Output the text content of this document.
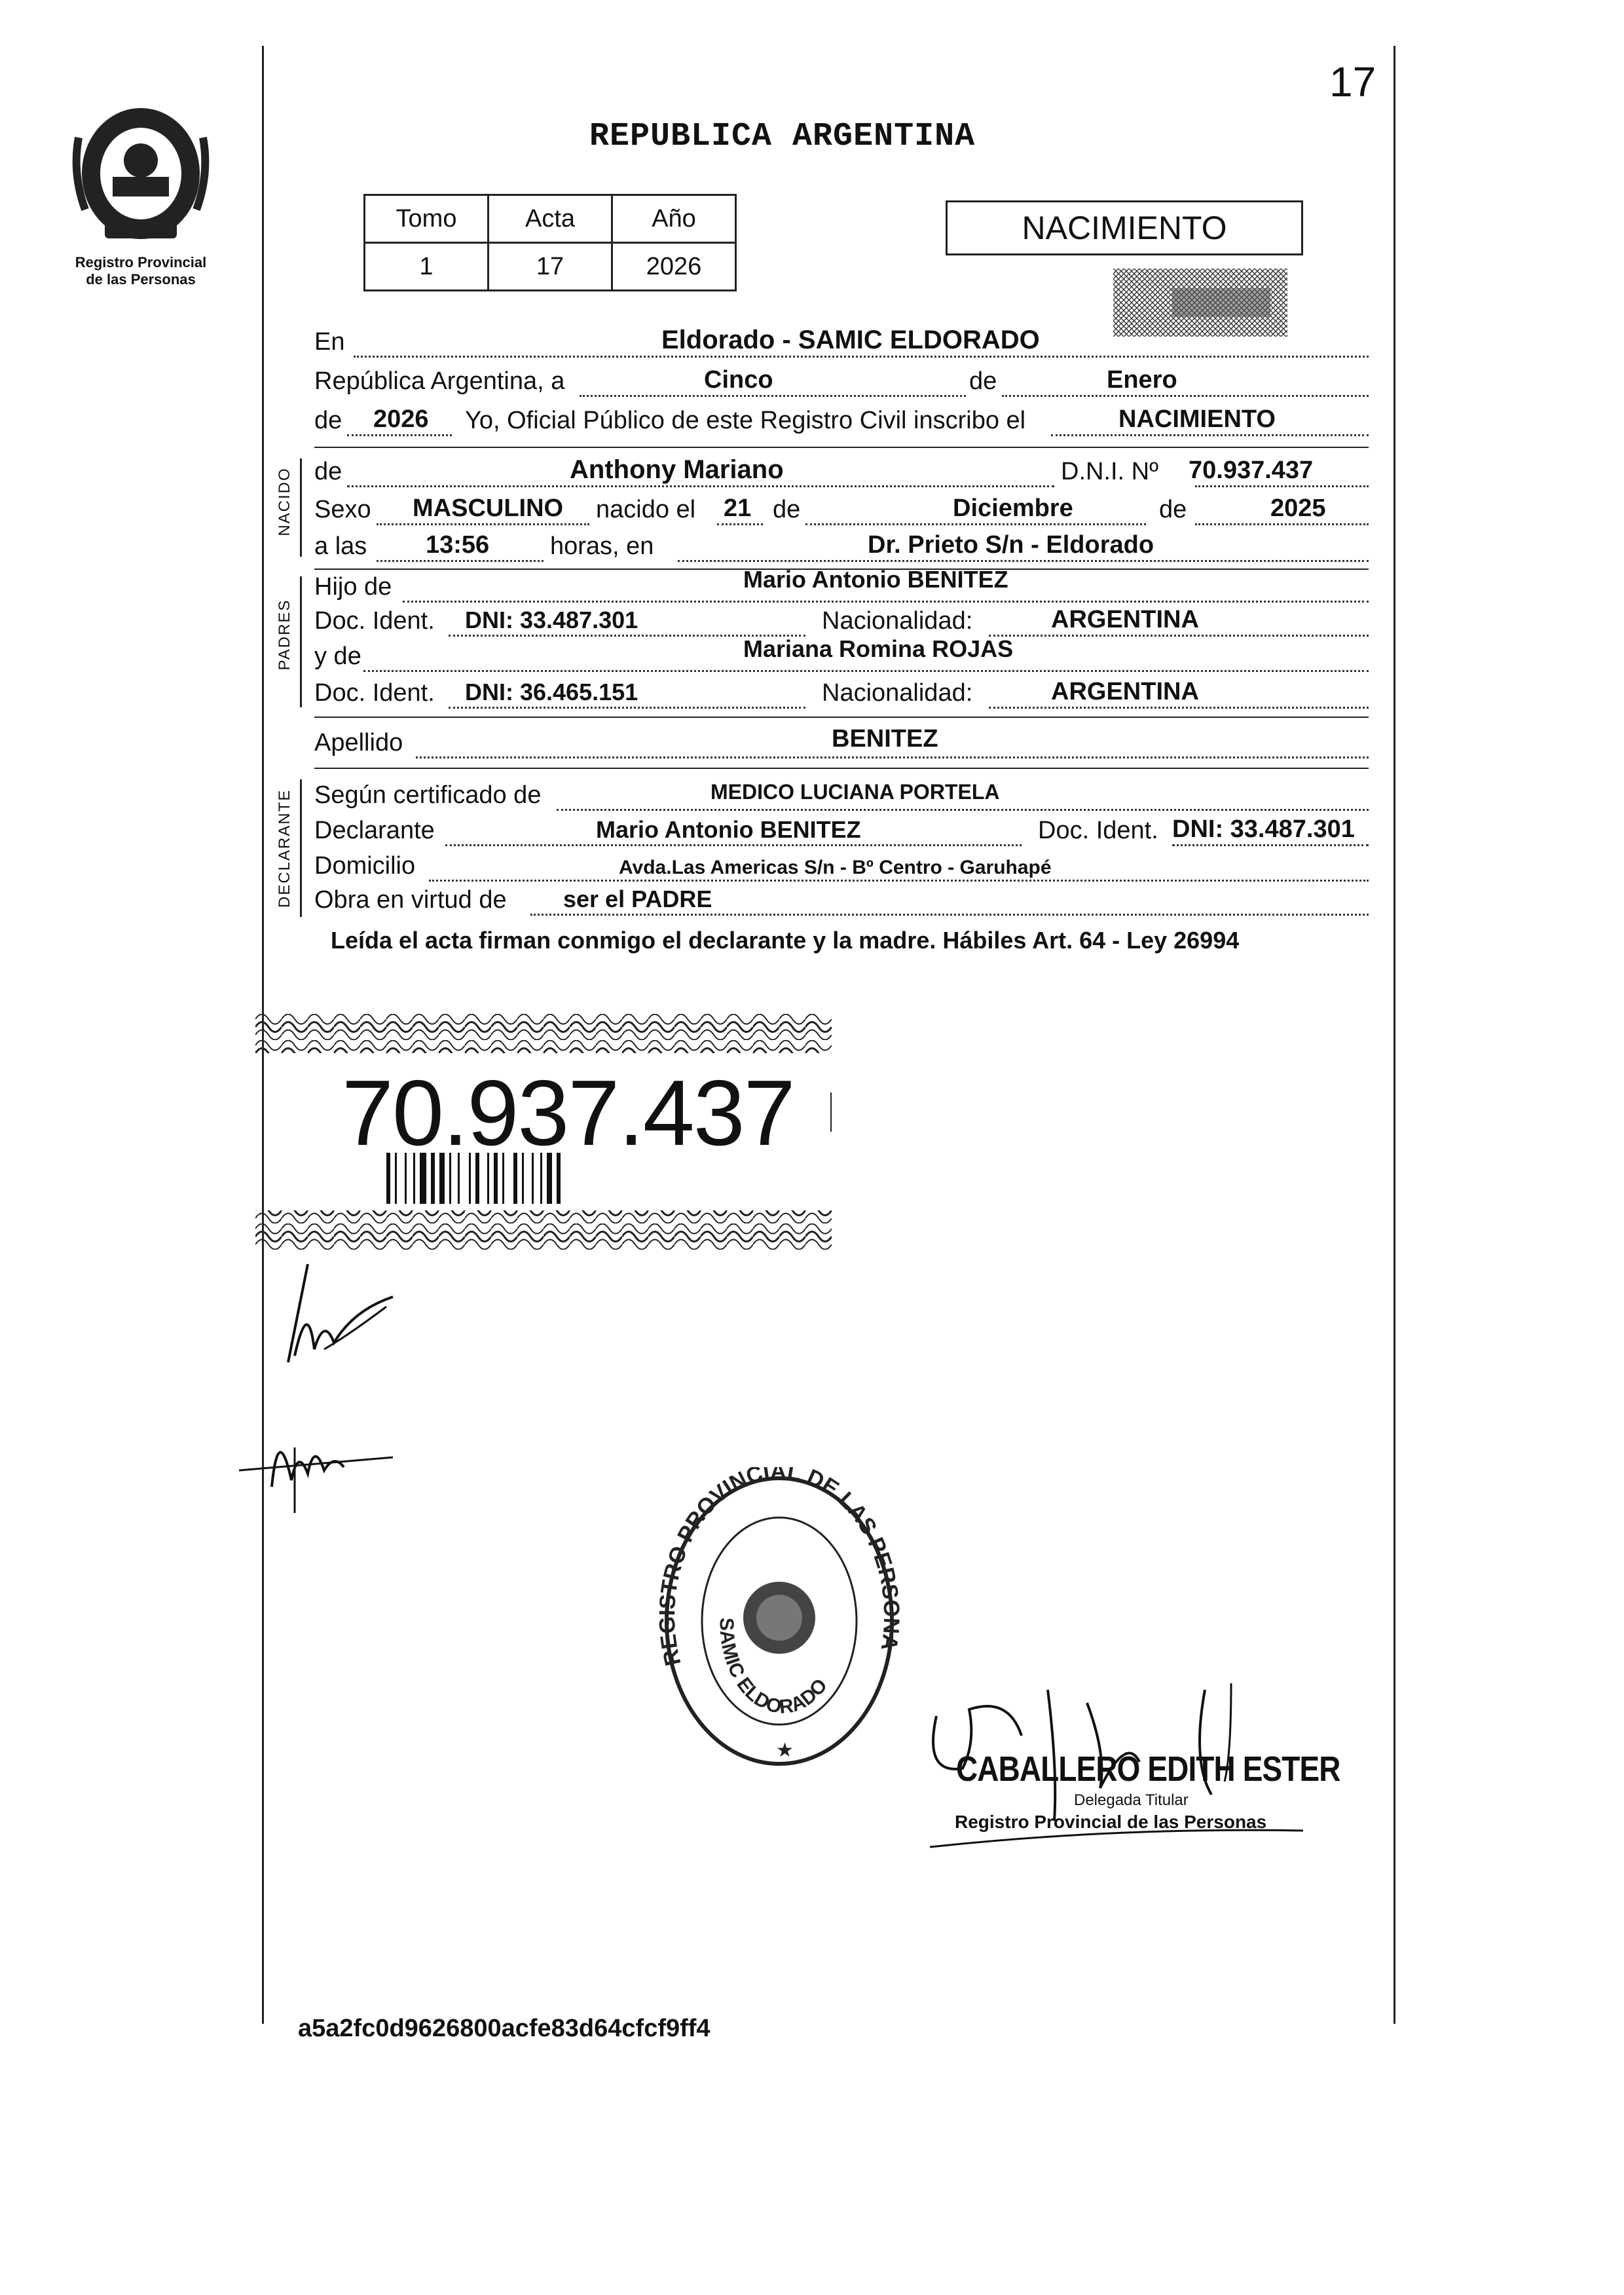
Registro Provincial
de las Personas
17
REPUBLICA ARGENTINA
Tomo	Acta	Año
1	17	2026
NACIMIENTO
En	Eldorado - SAMIC ELDORADO
República Argentina, a	Cinco	de	Enero
de 2026 Yo, Oficial Público de este Registro Civil inscribo el	NACIMIENTO
NACIDO de	Anthony Mariano	D.N.I. Nº 70.937.437
Sexo MASCULINO nacido el 21 de	Diciembre	de	2025
a las 13:56 horas, en	Dr. Prieto S/n - Eldorado
PADRES
Hijo de	Mario Antonio BENITEZ
Doc. Ident. DNI: 33.487.301	Nacionalidad:	ARGENTINA
y de	Mariana Romina ROJAS
Doc. Ident. DNI: 36.465.151	Nacionalidad:	ARGENTINA
Apellido	BENITEZ
DECLARANTE Según certificado de	MEDICO LUCIANA PORTELA
Declarante	Mario Antonio BENITEZ	Doc. Ident. DNI: 33.487.301
Domicilio	Avda.Las Americas S/n - Bº Centro - Garuhapé
Obra en virtud de ser el PADRE
Leída el acta firman conmigo el declarante y la madre. Hábiles Art. 64 - Ley 26994
70.937.437
REGISTRO PROVINCIAL DE LAS PERSONA
SAMIC ELDORADO
★	CABALLERO EDITH ESTER
Delegada Titular
Registro Provincial de las Personas
a5a2fc0d9626800acfe83d64cfcf9ff4
